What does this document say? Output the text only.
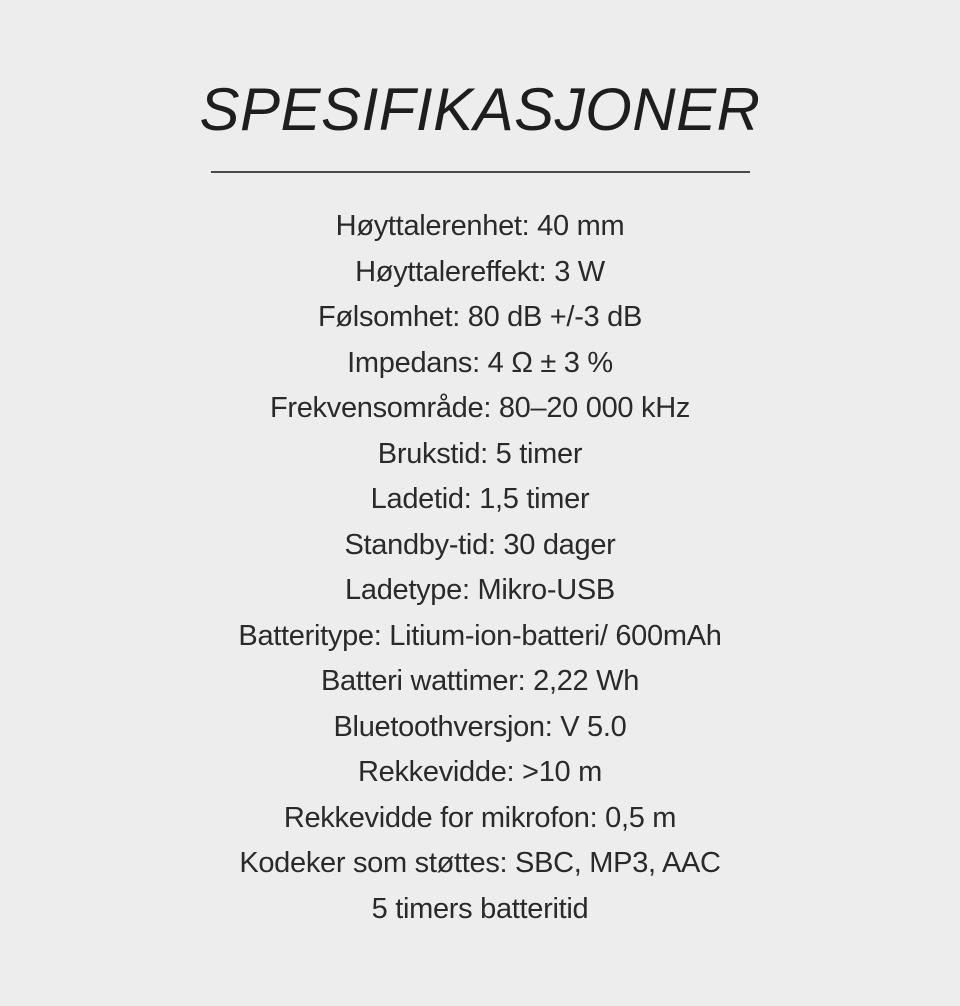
SPESIFIKASJONER
Høyttalerenhet: 40 mm
Høyttalereffekt: 3 W
Følsomhet: 80 dB +/-3 dB
Impedans: 4 Ω ± 3 %
Frekvensområde: 80–20 000 kHz
Brukstid: 5 timer
Ladetid: 1,5 timer
Standby-tid: 30 dager
Ladetype: Mikro-USB
Batteritype: Litium-ion-batteri/ 600mAh
Batteri wattimer: 2,22 Wh
Bluetoothversjon: V 5.0
Rekkevidde: >10 m
Rekkevidde for mikrofon: 0,5 m
Kodeker som støttes: SBC, MP3, AAC
5 timers batteritid
